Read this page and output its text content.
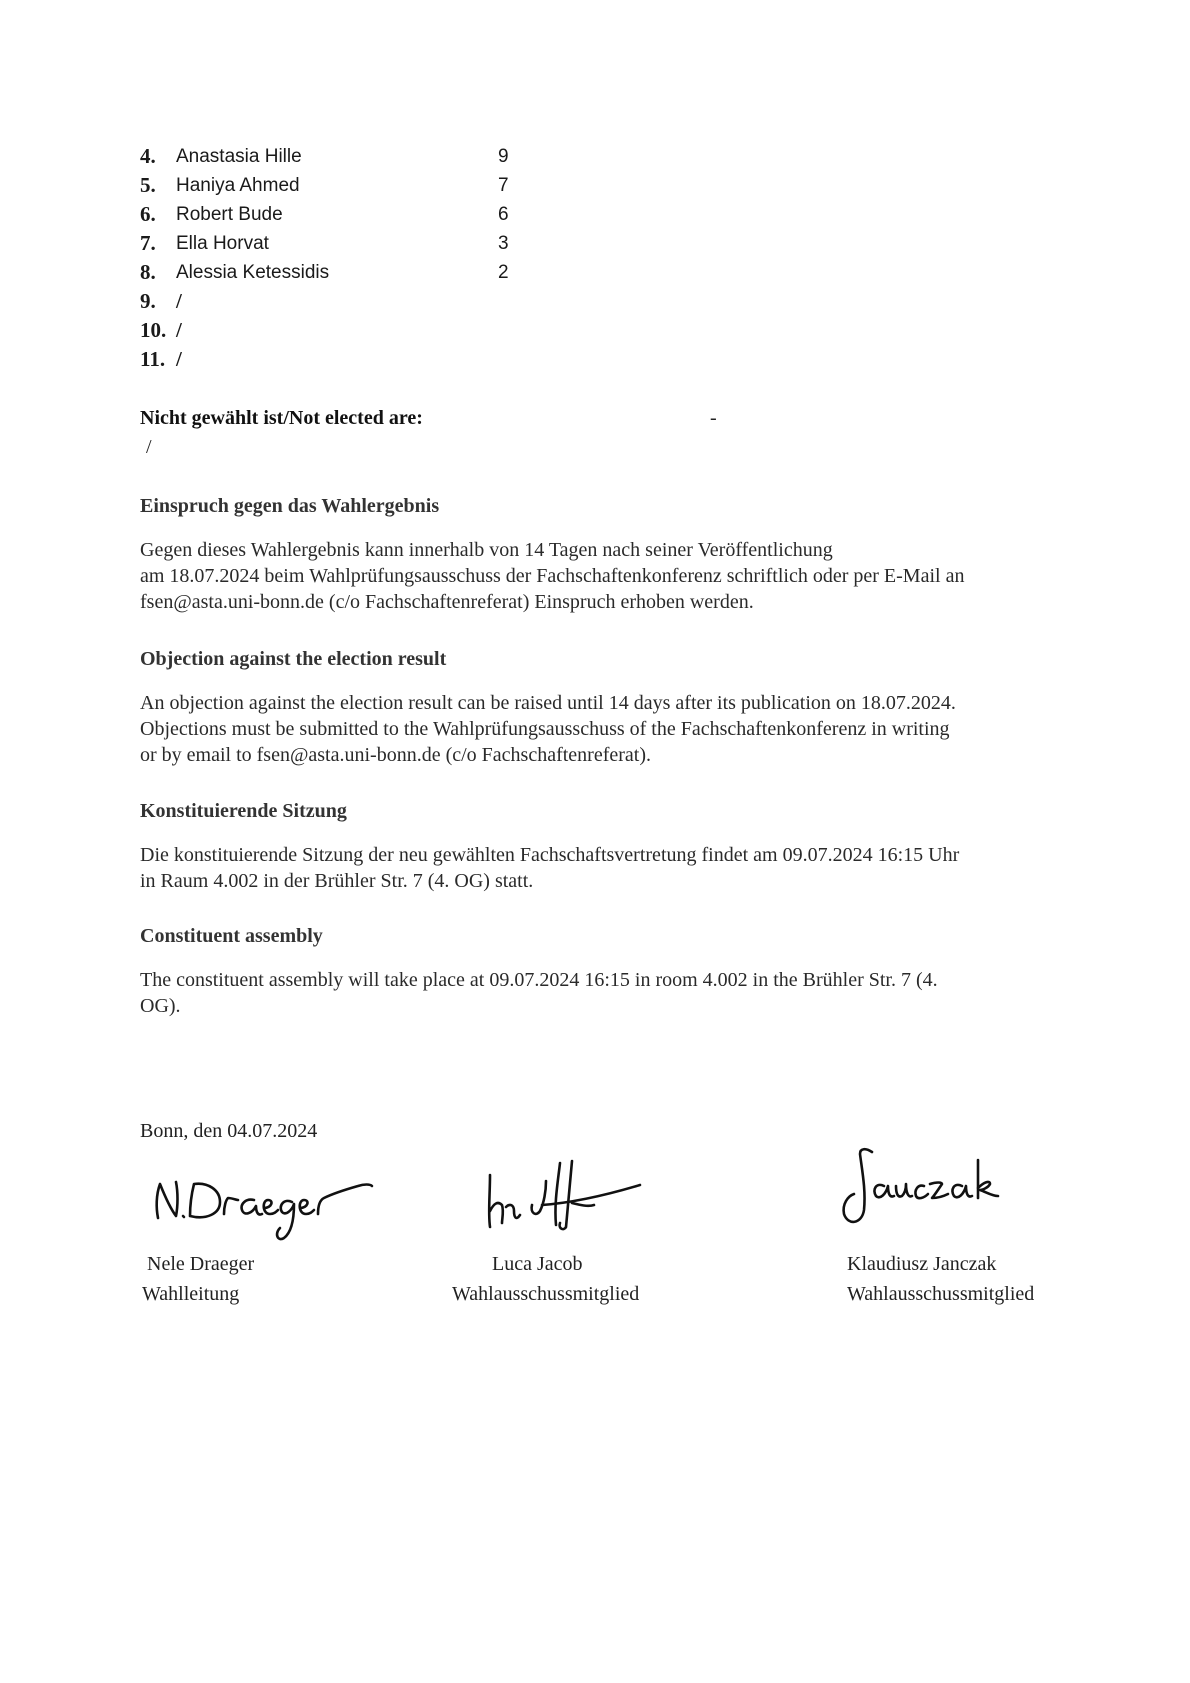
4. Anastasia Hille	9
5. Haniya Ahmed	7
6. Robert Bude	6
7. Ella Horvat	3
8. Alessia Ketessidis	2
9. /
10. /
11. /
Nicht gewählt ist/Not elected are:	-
/
Einspruch gegen das Wahlergebnis
Gegen dieses Wahlergebnis kann innerhalb von 14 Tagen nach seiner Veröffentlichung
am 18.07.2024 beim Wahlprüfungsausschuss der Fachschaftenkonferenz schriftlich oder per E-Mail an
fsen@asta.uni-bonn.de (c/o Fachschaftenreferat) Einspruch erhoben werden.
Objection against the election result
An objection against the election result can be raised until 14 days after its publication on 18.07.2024.
Objections must be submitted to the Wahlprüfungsausschuss of the Fachschaftenkonferenz in writing
or by email to fsen@asta.uni-bonn.de (c/o Fachschaftenreferat).
Konstituierende Sitzung
Die konstituierende Sitzung der neu gewählten Fachschaftsvertretung findet am 09.07.2024 16:15 Uhr
in Raum 4.002 in der Brühler Str. 7 (4. OG) statt.
Constituent assembly
The constituent assembly will take place at 09.07.2024 16:15 in room 4.002 in the Brühler Str. 7 (4.
OG).
Bonn, den 04.07.2024
Nele Draeger
Wahlleitung
Luca Jacob
Wahlausschussmitglied
Klaudiusz Janczak
Wahlausschussmitglied
